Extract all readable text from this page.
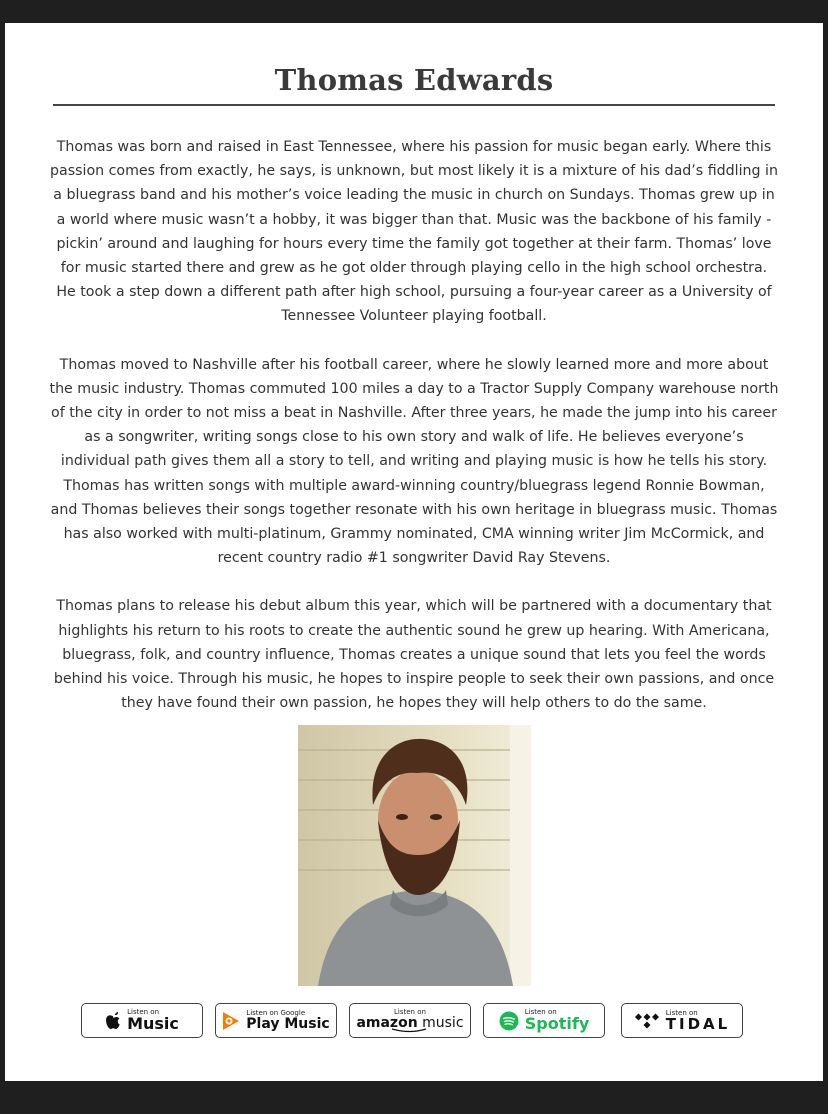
Thomas Edwards

Thomas was born and raised in East Tennessee, where his passion for music began early. Where this passion comes from exactly, he says, is unknown, but most likely it is a mixture of his dad’s fiddling in a bluegrass band and his mother’s voice leading the music in church on Sundays. Thomas grew up in a world where music wasn’t a hobby, it was bigger than that. Music was the backbone of his family - pickin’ around and laughing for hours every time the family got together at their farm. Thomas’ love for music started there and grew as he got older through playing cello in the high school orchestra. He took a step down a different path after high school, pursuing a four-year career as a University of Tennessee Volunteer playing football.

Thomas moved to Nashville after his football career, where he slowly learned more and more about the music industry. Thomas commuted 100 miles a day to a Tractor Supply Company warehouse north of the city in order to not miss a beat in Nashville. After three years, he made the jump into his career as a songwriter, writing songs close to his own story and walk of life. He believes everyone’s individual path gives them all a story to tell, and writing and playing music is how he tells his story. Thomas has written songs with multiple award-winning country/bluegrass legend Ronnie Bowman, and Thomas believes their songs together resonate with his own heritage in bluegrass music. Thomas has also worked with multi-platinum, Grammy nominated, CMA winning writer Jim McCormick, and recent country radio #1 songwriter David Ray Stevens.

Thomas plans to release his debut album this year, which will be partnered with a documentary that highlights his return to his roots to create the authentic sound he grew up hearing. With Americana, bluegrass, folk, and country influence, Thomas creates a unique sound that lets you feel the words behind his voice. Through his music, he hopes to inspire people to seek their own passions, and once they have found their own passion, he hopes they will help others to do the same.

Listen on
Music
Listen on Google
Play Music
Listen on
amazon music
Listen on
Spotify
Listen on
TIDAL
